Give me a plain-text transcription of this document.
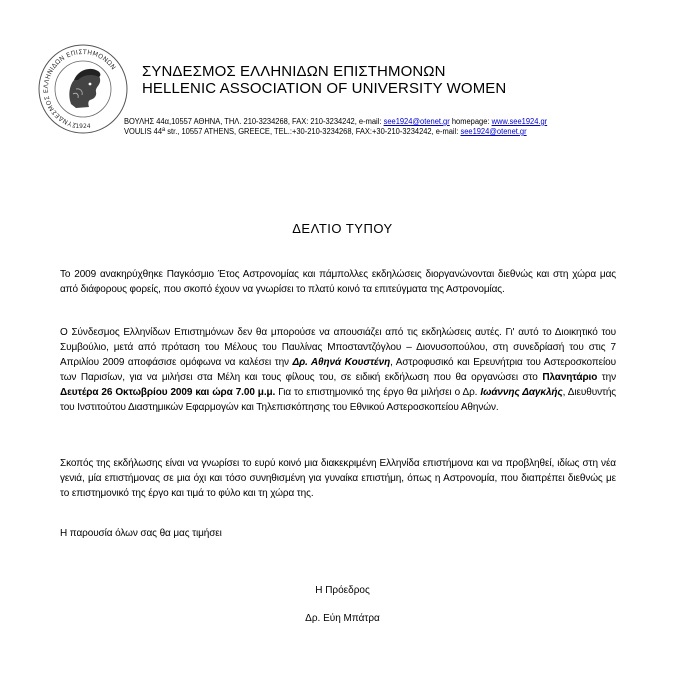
ΣΥΝΔΕΣΜΟΣ ΕΛΛΗΝΙΔΩΝ ΕΠΙΣΤΗΜΟΝΩΝ
1924
ΣΥΝΔΕΣΜΟΣ ΕΛΛΗΝΙΔΩΝ ΕΠΙΣΤΗΜΟΝΩΝ
HELLENIC ASSOCIATION OF UNIVERSITY WOMEN
ΒΟΥΛΗΣ 44α,10557 ΑΘΗΝΑ, ΤΗΛ. 210-3234268, FAX: 210-3234242, e-mail: see1924@otenet.gr homepage: www.see1924.gr
VOULIS 44$^a$ str., 10557 ATHENS, GREECE, TEL.:+30-210-3234268, FAX:+30-210-3234242, e-mail: see1924@otenet.gr
ΔΕΛΤΙΟ ΤΥΠΟΥ
Το 2009 ανακηρύχθηκε Παγκόσμιο Έτος Αστρονομίας και πάμπολλες εκδηλώσεις διοργανώνονται διεθνώς και στη χώρα μας από διάφορους φορείς, που σκοπό έχουν να γνωρίσει το πλατύ κοινό τα επιτεύγματα της Αστρονομίας.
Ο Σύνδεσμος Ελληνίδων Επιστημόνων δεν θα μπορούσε να απουσιάζει από τις εκδηλώσεις αυτές. Γι' αυτό το Διοικητικό του Συμβούλιο, μετά από πρόταση του Μέλους του Παυλίνας Μποσταντζόγλου – Διονυσοπούλου, στη συνεδρίασή του στις 7 Απριλίου 2009 αποφάσισε ομόφωνα να καλέσει την Δρ. Αθηνά Κουστένη, Αστροφυσικό και Ερευνήτρια του Αστεροσκοπείου των Παρισίων, για να μιλήσει στα Μέλη και τους φίλους του, σε ειδική εκδήλωση που θα οργανώσει στο Πλανητάριο την Δευτέρα 26 Οκτωβρίου 2009 και ώρα 7.00 μ.μ. Για το επιστημονικό της έργο θα μιλήσει ο Δρ. Ιωάννης Δαγκλής, Διευθυντής του Ινστιτούτου Διαστημικών Εφαρμογών και Τηλεπισκόπησης του Εθνικού Αστεροσκοπείου Αθηνών.
Σκοπός της εκδήλωσης είναι να γνωρίσει το ευρύ κοινό μια διακεκριμένη Ελληνίδα επιστήμονα και να προβληθεί, ιδίως στη νέα γενιά, μία επιστήμονας σε μια όχι και τόσο συνηθισμένη για γυναίκα επιστήμη, όπως η Αστρονομία, που διαπρέπει διεθνώς με το επιστημονικό της έργο και τιμά το φύλο και τη χώρα της.
Η παρουσία όλων σας θα μας τιμήσει
Η Πρόεδρος
Δρ. Εύη Μπάτρα
